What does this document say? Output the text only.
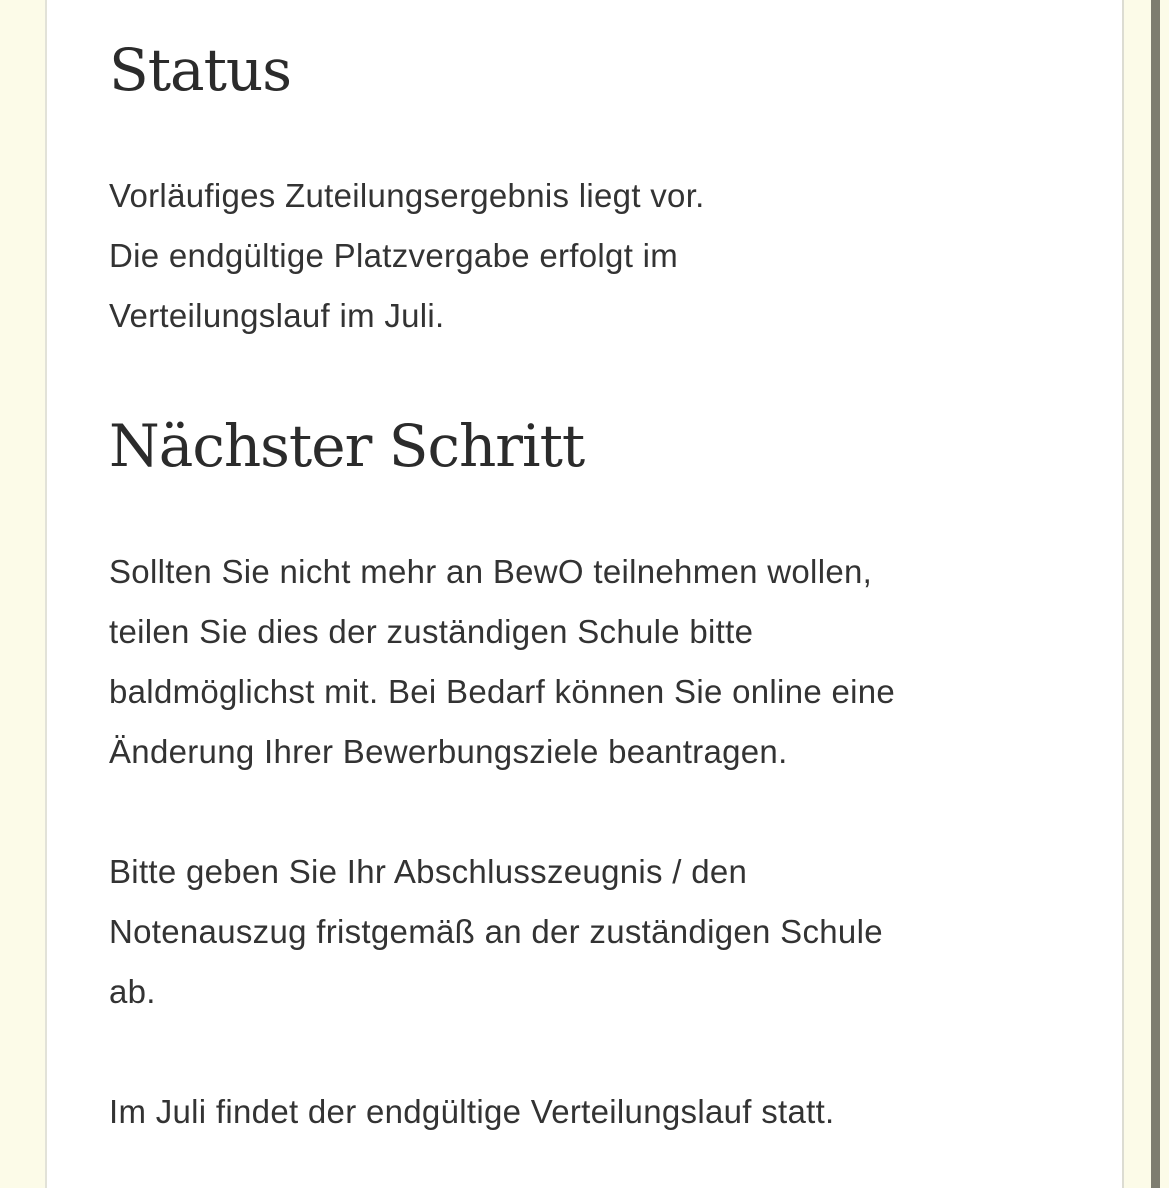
Status

Vorläufiges Zuteilungsergebnis liegt vor.
Die endgültige Platzvergabe erfolgt im
Verteilungslauf im Juli.

Nächster Schritt

Sollten Sie nicht mehr an BewO teilnehmen wollen,
teilen Sie dies der zuständigen Schule bitte
baldmöglichst mit. Bei Bedarf können Sie online eine
Änderung Ihrer Bewerbungsziele beantragen.

Bitte geben Sie Ihr Abschlusszeugnis / den
Notenauszug fristgemäß an der zuständigen Schule
ab.

Im Juli findet der endgültige Verteilungslauf statt.
